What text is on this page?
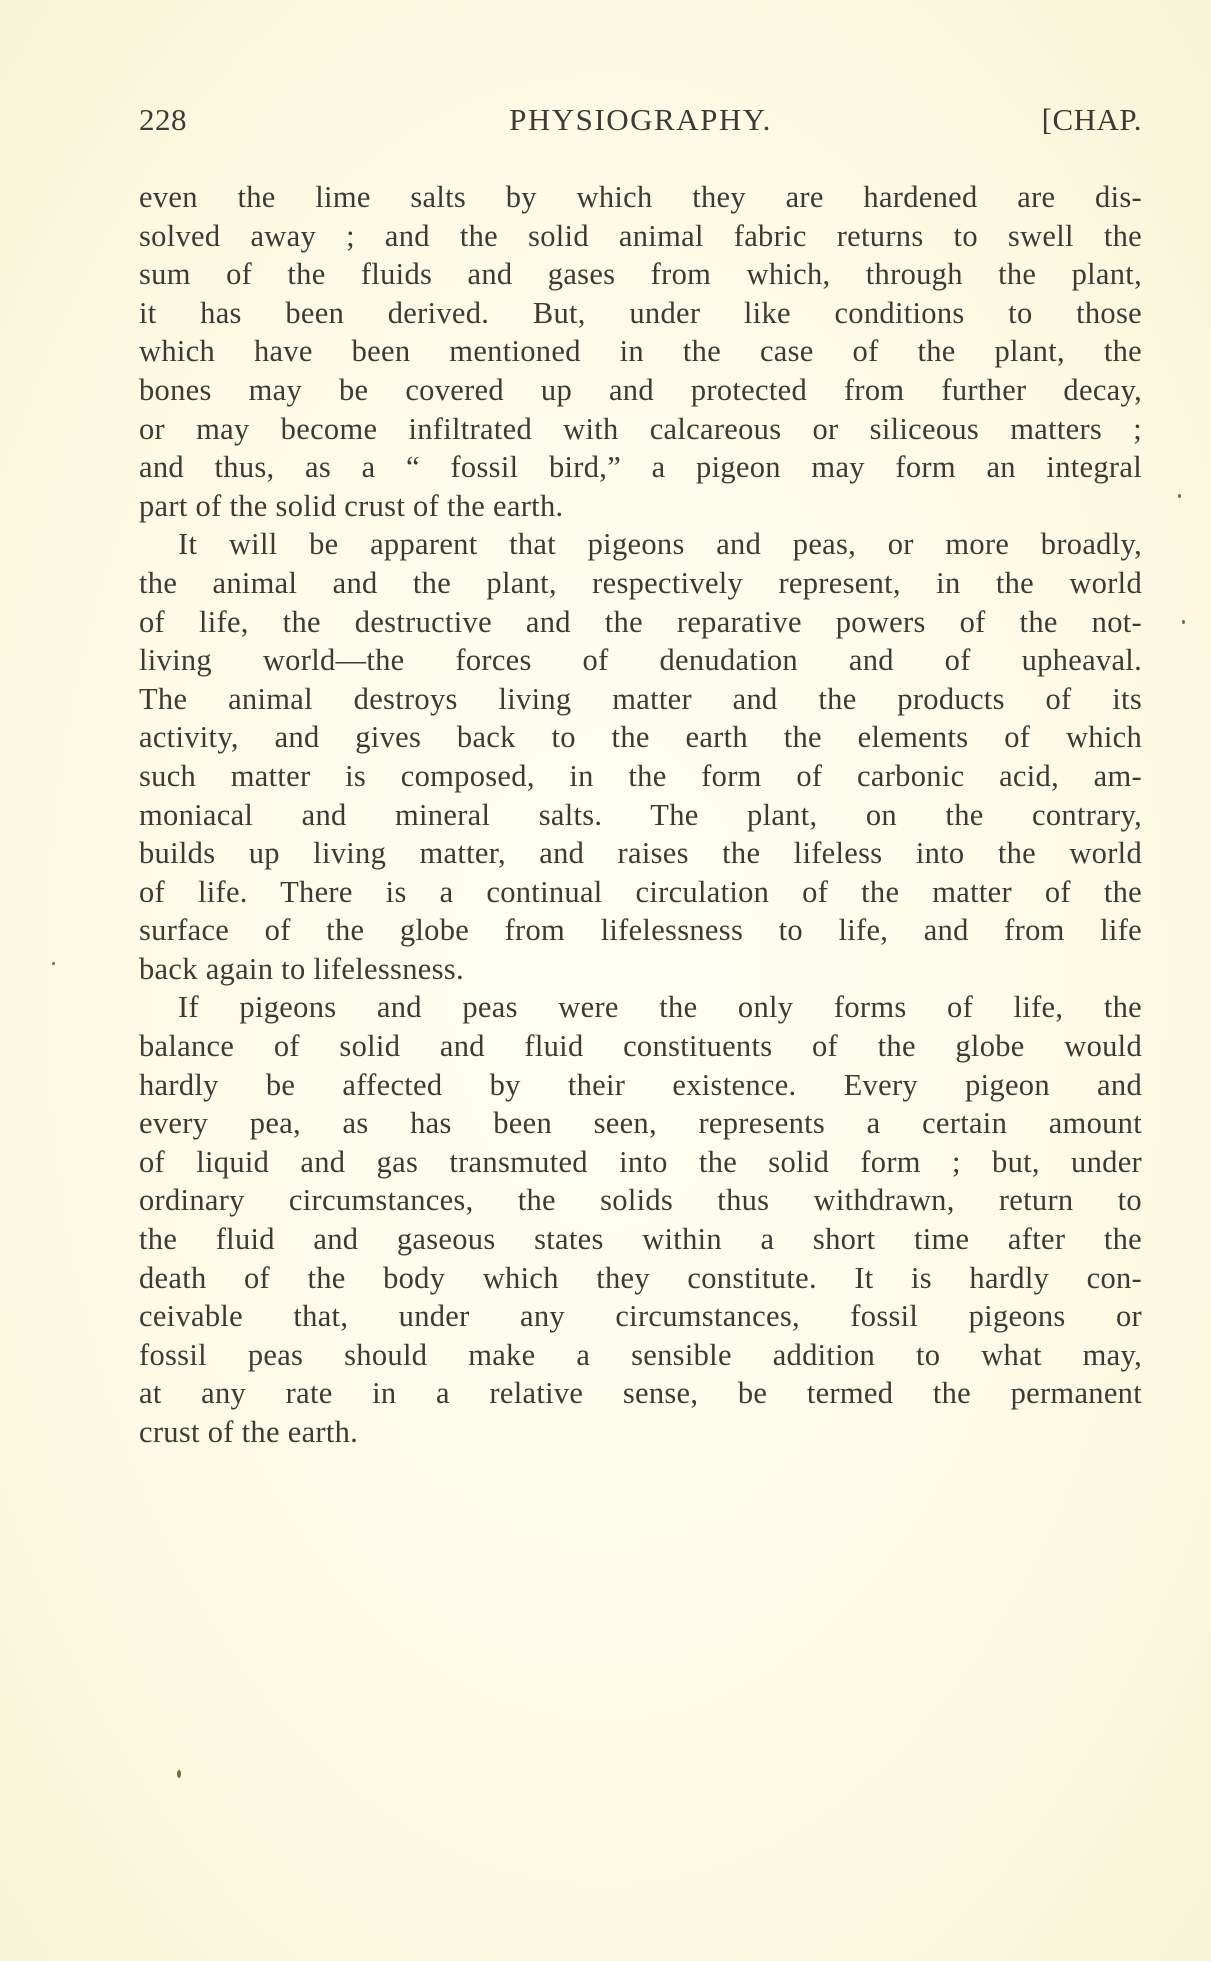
228	PHYSIOGRAPHY.	[CHAP.

even the lime salts by which they are hardened are dis-
solved away ; and the solid animal fabric returns to swell the
sum of the fluids and gases from which, through the plant,
it has been derived. But, under like conditions to those
which have been mentioned in the case of the plant, the
bones may be covered up and protected from further decay,
or may become infiltrated with calcareous or siliceous matters ;
and thus, as a “ fossil bird,” a pigeon may form an integral
part of the solid crust of the earth.

It will be apparent that pigeons and peas, or more broadly,
the animal and the plant, respectively represent, in the world
of life, the destructive and the reparative powers of the not-
living world—the forces of denudation and of upheaval.
The animal destroys living matter and the products of its
activity, and gives back to the earth the elements of which
such matter is composed, in the form of carbonic acid, am-
moniacal and mineral salts. The plant, on the contrary,
builds up living matter, and raises the lifeless into the world
of life. There is a continual circulation of the matter of the
surface of the globe from lifelessness to life, and from life
back again to lifelessness.

If pigeons and peas were the only forms of life, the
balance of solid and fluid constituents of the globe would
hardly be affected by their existence. Every pigeon and
every pea, as has been seen, represents a certain amount
of liquid and gas transmuted into the solid form ; but, under
ordinary circumstances, the solids thus withdrawn, return to
the fluid and gaseous states within a short time after the
death of the body which they constitute. It is hardly con-
ceivable that, under any circumstances, fossil pigeons or
fossil peas should make a sensible addition to what may,
at any rate in a relative sense, be termed the permanent
crust of the earth.
